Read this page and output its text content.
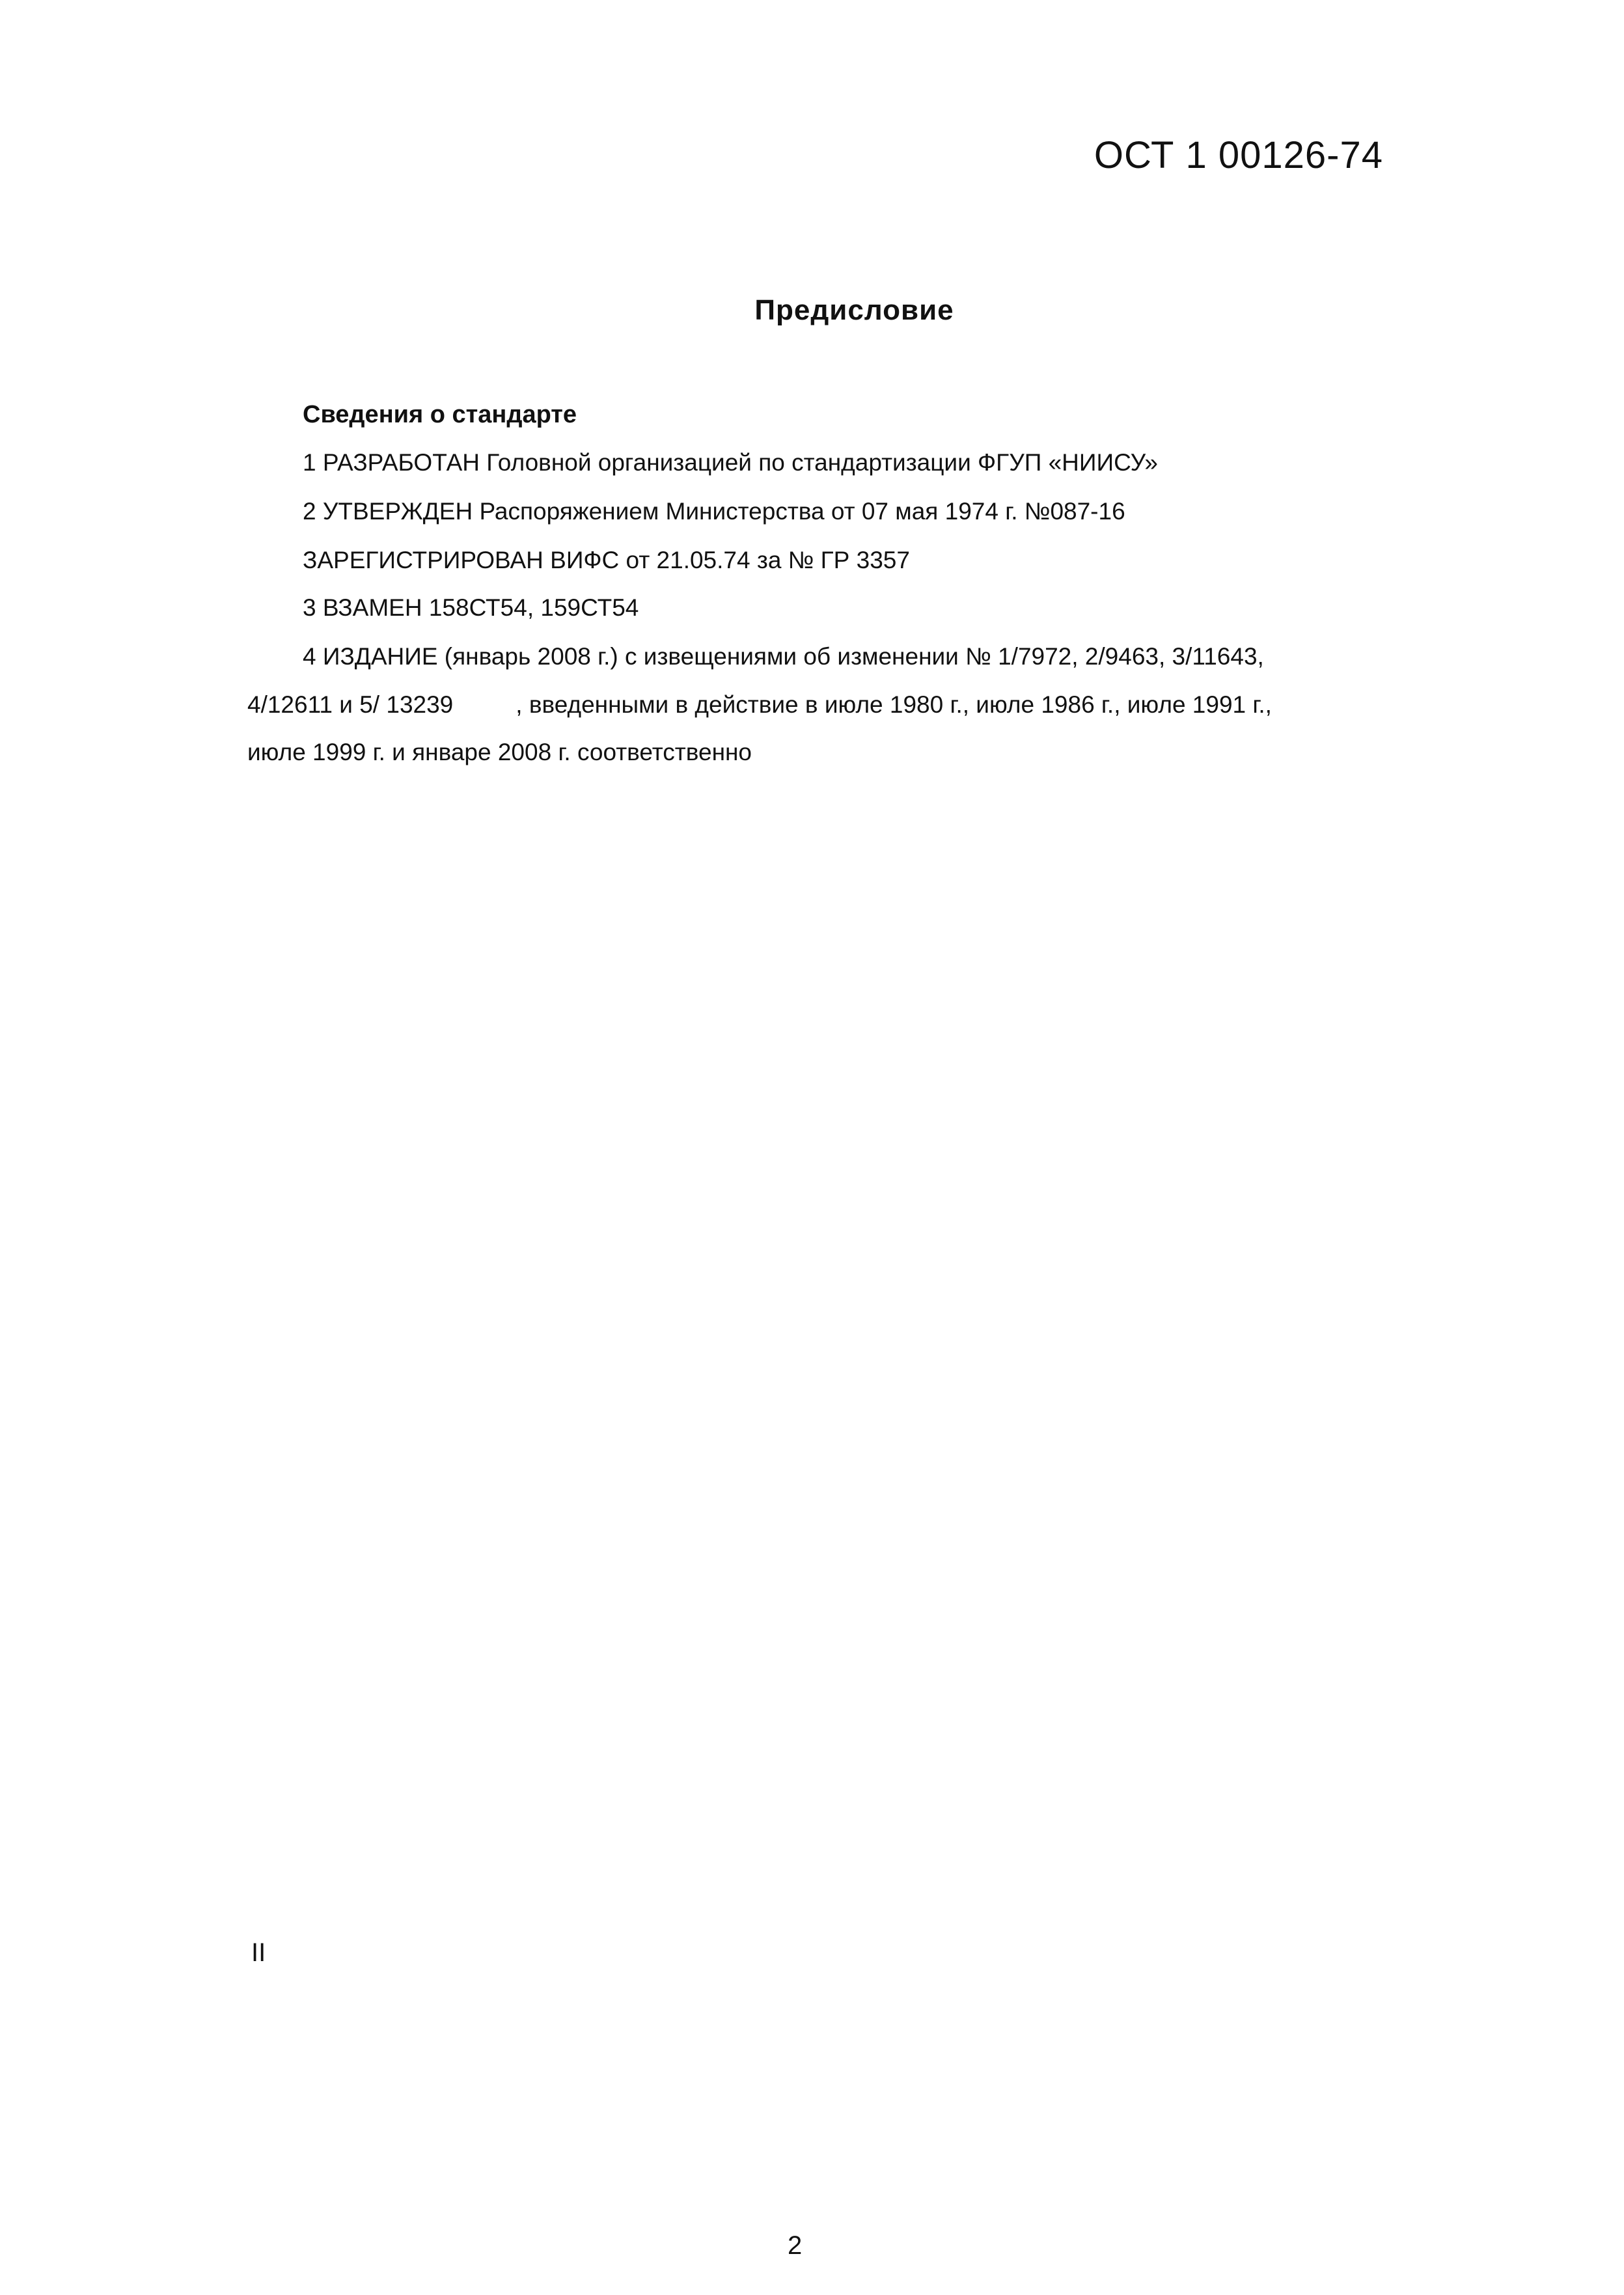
ОСТ 1 00126-74
Предисловие
Сведения о стандарте
1 РАЗРАБОТАН Головной организацией по стандартизации ФГУП «НИИСУ»
2 УТВЕРЖДЕН Распоряжением Министерства от 07 мая 1974 г. №087-16
ЗАРЕГИСТРИРОВАН ВИФС от 21.05.74 за № ГР 3357
3 ВЗАМЕН 158СТ54, 159СТ54
4 ИЗДАНИЕ (январь 2008 г.) с извещениями об изменении № 1/7972, 2/9463, 3/11643,
4/12611 и 5/ 13239	, введенными в действие в июле 1980 г., июле 1986 г., июле 1991 г.,
июле 1999 г. и январе 2008 г. соответственно
II
2
